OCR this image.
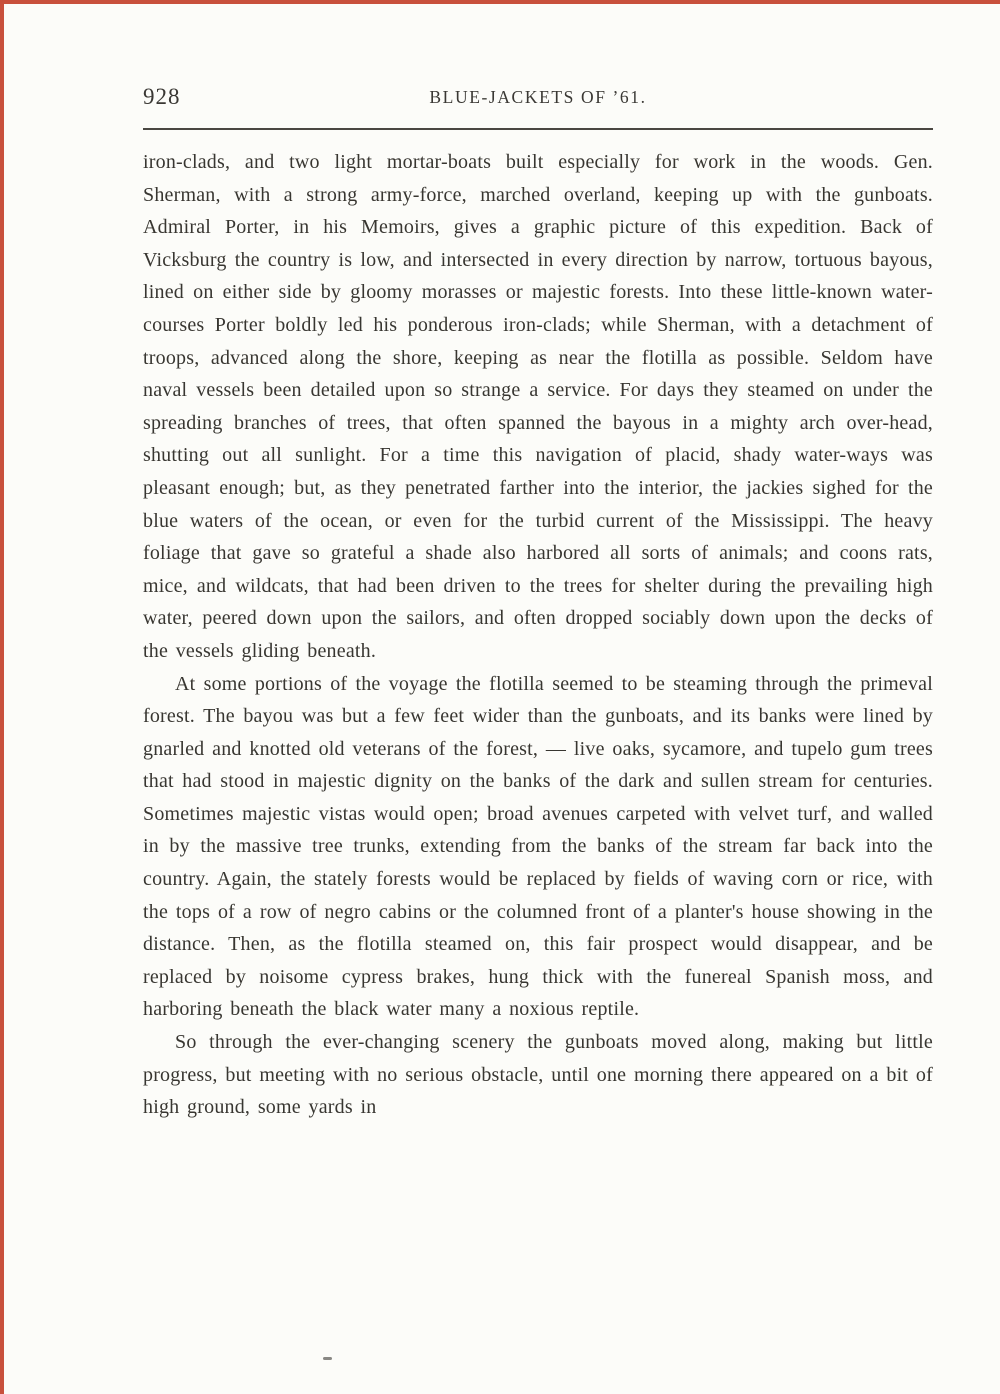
928	BLUE-JACKETS OF ’61.

iron-clads, and two light mortar-boats built especially for work in the woods. Gen. Sherman, with a strong army-force, marched overland, keeping up with the gunboats. Admiral Porter, in his Memoirs, gives a graphic picture of this expedition. Back of Vicksburg the country is low, and intersected in every direction by narrow, tortuous bayous, lined on either side by gloomy morasses or majestic forests. Into these little-known water-courses Porter boldly led his ponderous iron-clads; while Sherman, with a detachment of troops, advanced along the shore, keeping as near the flotilla as possible. Seldom have naval vessels been detailed upon so strange a service. For days they steamed on under the spreading branches of trees, that often spanned the bayous in a mighty arch over-head, shutting out all sunlight. For a time this navigation of placid, shady water-ways was pleasant enough; but, as they penetrated farther into the interior, the jackies sighed for the blue waters of the ocean, or even for the turbid current of the Mississippi. The heavy foliage that gave so grateful a shade also harbored all sorts of animals; and coons rats, mice, and wildcats, that had been driven to the trees for shelter during the prevailing high water, peered down upon the sailors, and often dropped sociably down upon the decks of the vessels gliding beneath.

At some portions of the voyage the flotilla seemed to be steaming through the primeval forest. The bayou was but a few feet wider than the gunboats, and its banks were lined by gnarled and knotted old veterans of the forest, — live oaks, sycamore, and tupelo gum trees that had stood in majestic dignity on the banks of the dark and sullen stream for centuries. Sometimes majestic vistas would open; broad avenues carpeted with velvet turf, and walled in by the massive tree trunks, extending from the banks of the stream far back into the country. Again, the stately forests would be replaced by fields of waving corn or rice, with the tops of a row of negro cabins or the columned front of a planter's house showing in the distance. Then, as the flotilla steamed on, this fair prospect would disappear, and be replaced by noisome cypress brakes, hung thick with the funereal Spanish moss, and harboring beneath the black water many a noxious reptile.

So through the ever-changing scenery the gunboats moved along, making but little progress, but meeting with no serious obstacle, until one morning there appeared on a bit of high ground, some yards in
